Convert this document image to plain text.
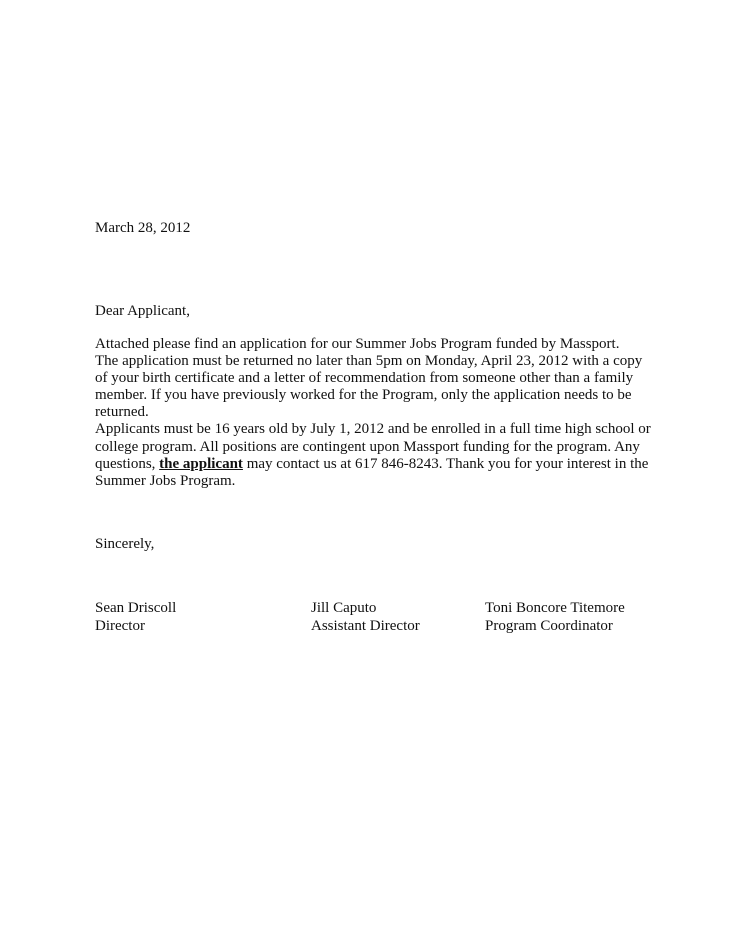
March 28, 2012
Dear Applicant,
Attached please find an application for our Summer Jobs Program funded by Massport.
The application must be returned no later than 5pm on Monday, April 23, 2012 with a copy
of your birth certificate and a letter of recommendation from someone other than a family
member. If you have previously worked for the Program, only the application needs to be
returned.
Applicants must be 16 years old by July 1, 2012 and be enrolled in a full time high school or
college program. All positions are contingent upon Massport funding for the program. Any
questions, the applicant may contact us at 617 846-8243. Thank you for your interest in the
Summer Jobs Program.
Sincerely,
Sean Driscoll
Director
Jill Caputo
Assistant Director
Toni Boncore Titemore
Program Coordinator
